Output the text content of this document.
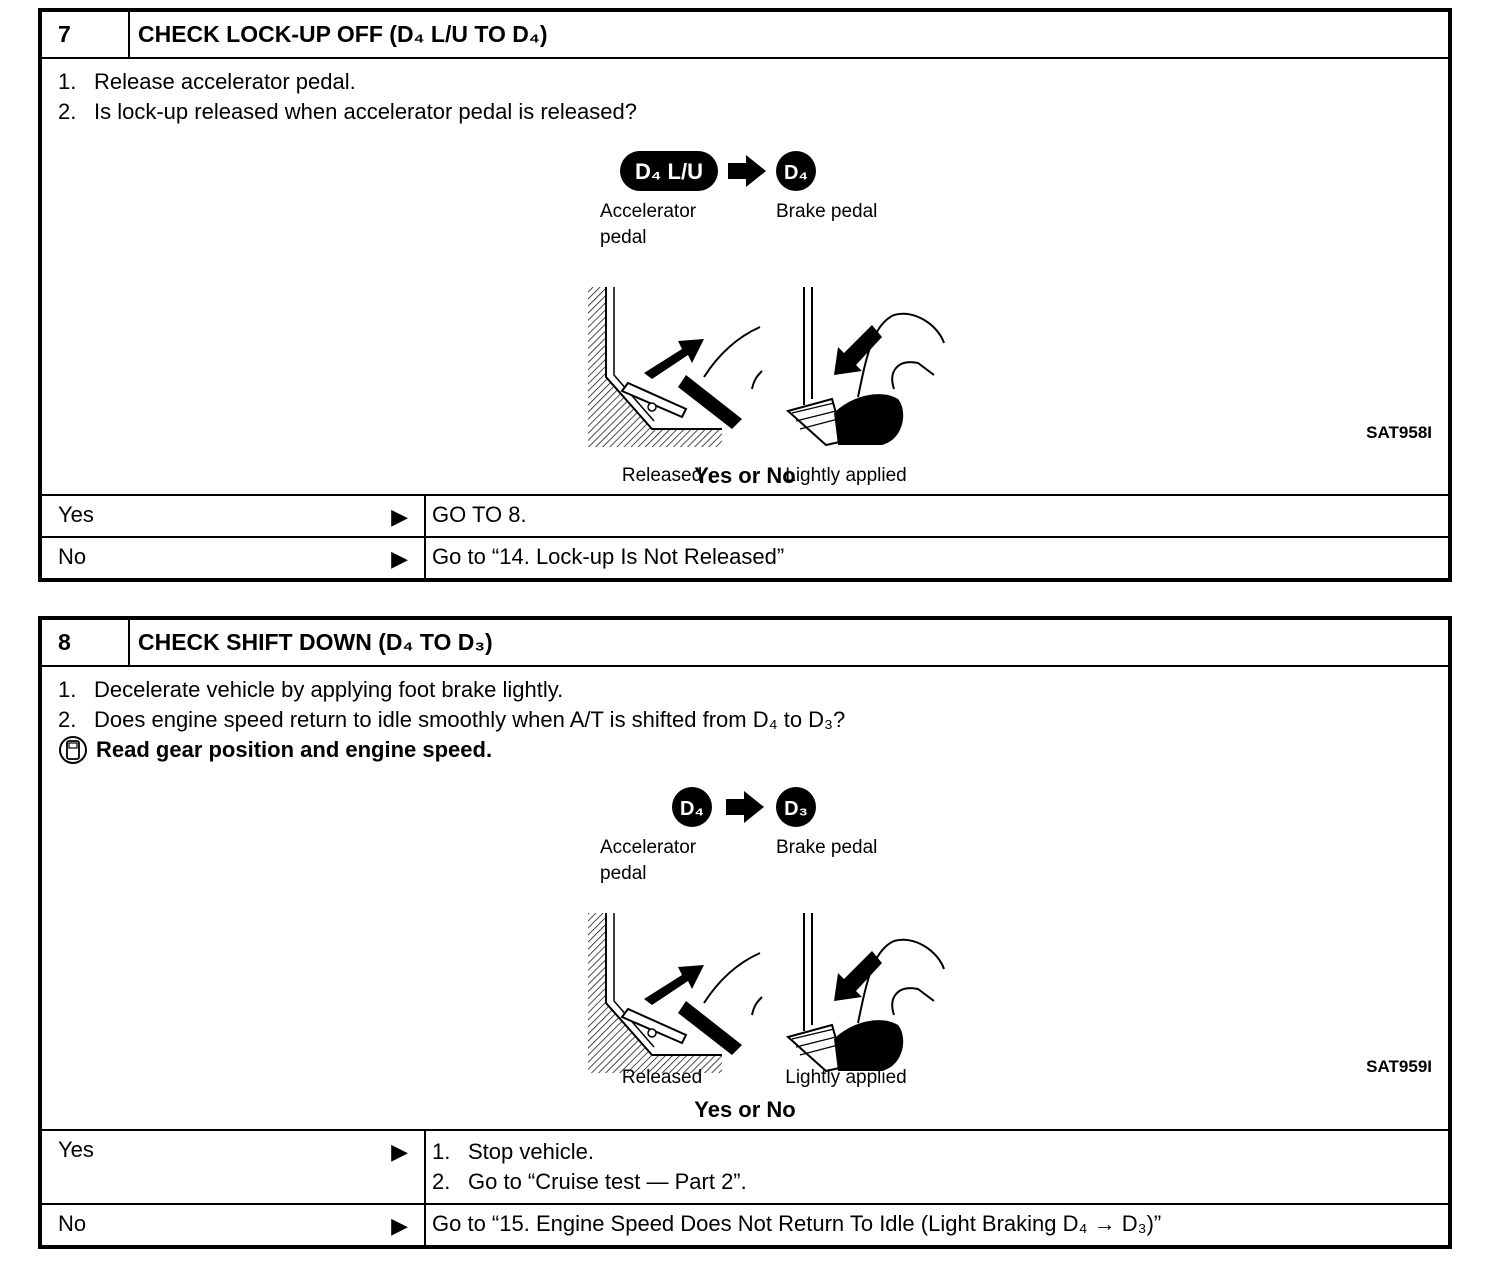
7	CHECK LOCK-UP OFF (D₄ L/U TO D₄)
1. Release accelerator pedal.
2. Is lock-up released when accelerator pedal is released?
D₄ L/U	D₄
Accelerator
pedal
Brake pedal
Released	Lightly applied
SAT958I
Yes or No
Yes	▶ GO TO 8.
No	▶ Go to “14. Lock-up Is Not Released”
8	CHECK SHIFT DOWN (D₄ TO D₃)
1. Decelerate vehicle by applying foot brake lightly.
2. Does engine speed return to idle smoothly when A/T is shifted from D₄ to D₃?
Read gear position and engine speed.
D₄	D₃
Accelerator
pedal
Brake pedal
Released	Lightly applied
SAT959I
Yes or No
Yes	▶ 1. Stop vehicle.
2. Go to “Cruise test — Part 2”.
No	▶ Go to “15. Engine Speed Does Not Return To Idle (Light Braking D₄ → D₃)”
